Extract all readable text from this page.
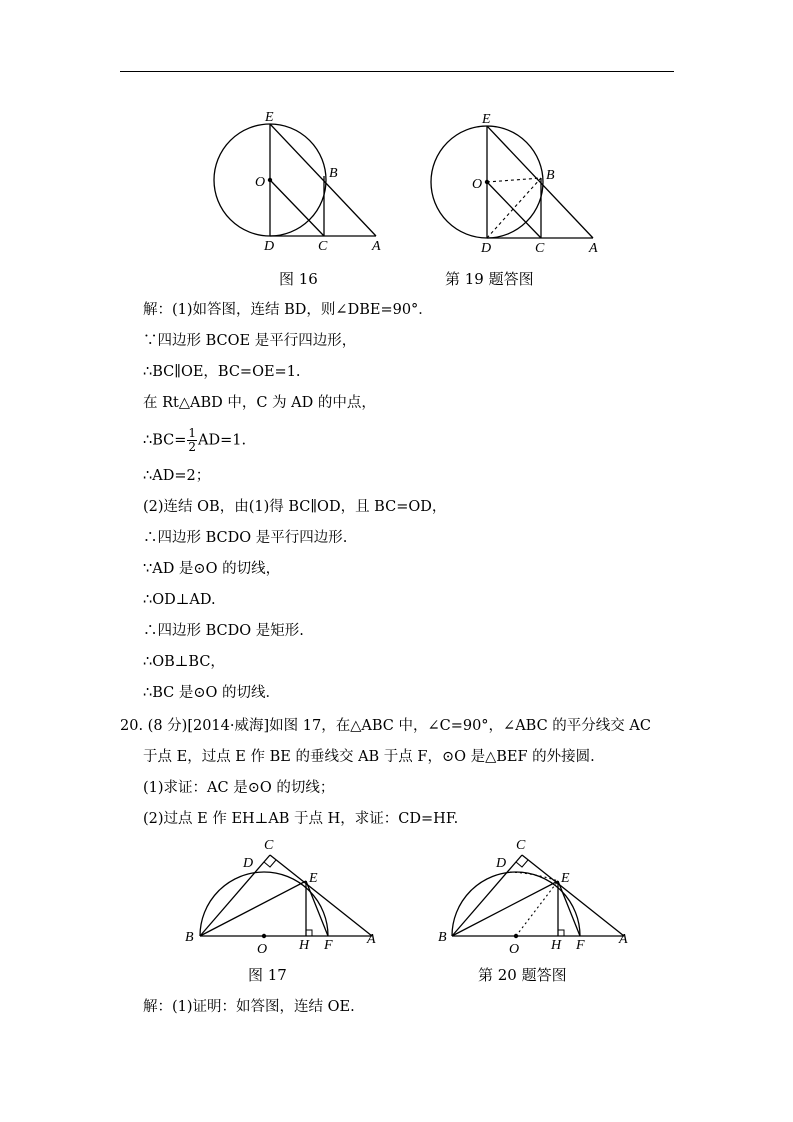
E
O
B
D	C	A
图 16
E
O
B
D	C	A
第 19 题答图
解：(1)如答图，连结 BD，则∠DBE=90°．
∵四边形 BCOE 是平行四边形，
∴BC∥OE，BC=OE=1.
在 Rt△ABD 中，C 为 AD 的中点，
∴BC= $\frac{1}{2} AD=1$.
∴AD=2；
(2)连结 OB，由(1)得 BC∥OD，且 BC=OD，
∴四边形 BCDO 是平行四边形.
∵AD 是⊙O 的切线，
∴OD⊥AD.
∴四边形 BCDO 是矩形.
∴OB⊥BC，
∴BC 是⊙O 的切线．
20. (8 分)[2014·威海]如图 17，在△ABC 中，∠C=90°，∠ABC 的平分线交 AC
于点 E，过点 E 作 BE 的垂线交 AB 于点 F，⊙O 是△BEF 的外接圆.
(1)求证：AC 是⊙O 的切线；
(2)过点 E 作 EH⊥AB 于点 H，求证：CD=HF.
C
D
E
B
O H F A
图 17
C
D
E
B
O H F A
第 20 题答图
解：(1)证明：如答图，连结 OE.
